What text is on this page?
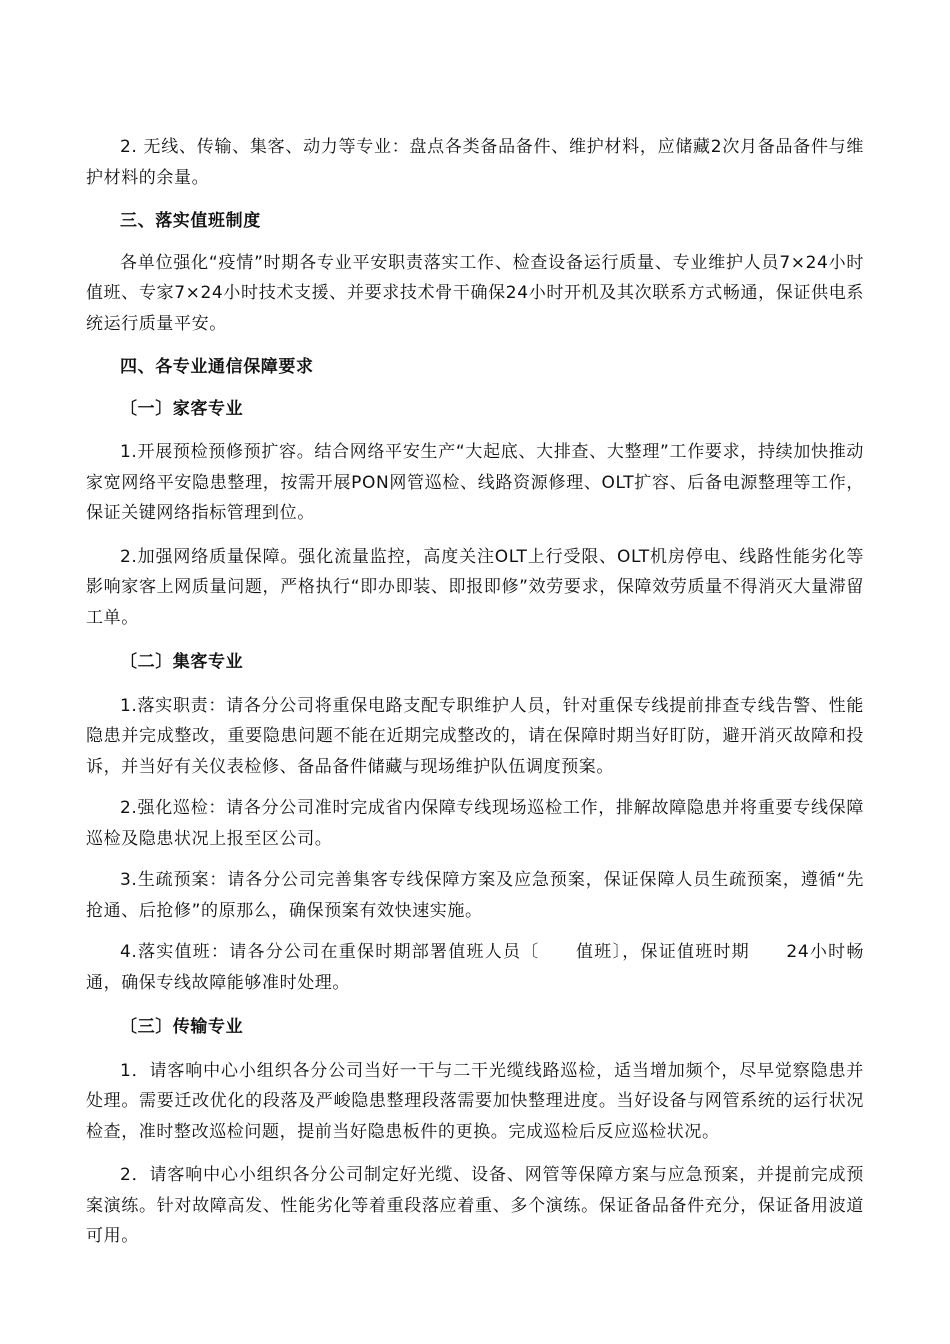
2. 无线、传输、集客、动力等专业：盘点各类备品备件、维护材料，应储藏2次月备品备件与维护材料的余量。

三、落实值班制度

各单位强化“疫情”时期各专业平安职责落实工作、检查设备运行质量、专业维护人员7×24小时值班、专家7×24小时技术支援、并要求技术骨干确保24小时开机及其次联系方式畅通，保证供电系统运行质量平安。

四、各专业通信保障要求

〔一〕家客专业

1.开展预检预修预扩容。结合网络平安生产“大起底、大排查、大整理”工作要求，持续加快推动家宽网络平安隐患整理，按需开展PON网管巡检、线路资源修理、OLT扩容、后备电源整理等工作，保证关键网络指标管理到位。

2.加强网络质量保障。强化流量监控，高度关注OLT上行受限、OLT机房停电、线路性能劣化等影响家客上网质量问题，严格执行“即办即装、即报即修”效劳要求，保障效劳质量不得消灭大量滞留工单。

〔二〕集客专业

1.落实职责：请各分公司将重保电路支配专职维护人员，针对重保专线提前排查专线告警、性能隐患并完成整改，重要隐患问题不能在近期完成整改的，请在保障时期当好盯防，避开消灭故障和投诉，并当好有关仪表检修、备品备件储藏与现场维护队伍调度预案。

2.强化巡检：请各分公司准时完成省内保障专线现场巡检工作，排解故障隐患并将重要专线保障巡检及隐患状况上报至区公司。

3.生疏预案：请各分公司完善集客专线保障方案及应急预案，保证保障人员生疏预案，遵循“先抢通、后抢修”的原那么，确保预案有效快速实施。

4.落实值班：请各分公司在重保时期部署值班人员〔　　值班〕，保证值班时期　　24小时畅通，确保专线故障能够准时处理。

〔三〕传输专业

1．请客响中心小组织各分公司当好一干与二干光缆线路巡检，适当增加频个，尽早觉察隐患并处理。需要迁改优化的段落及严峻隐患整理段落需要加快整理进度。当好设备与网管系统的运行状况检查，准时整改巡检问题，提前当好隐患板件的更换。完成巡检后反应巡检状况。

2．请客响中心小组织各分公司制定好光缆、设备、网管等保障方案与应急预案，并提前完成预案演练。针对故障高发、性能劣化等着重段落应着重、多个演练。保证备品备件充分，保证备用波道可用。
